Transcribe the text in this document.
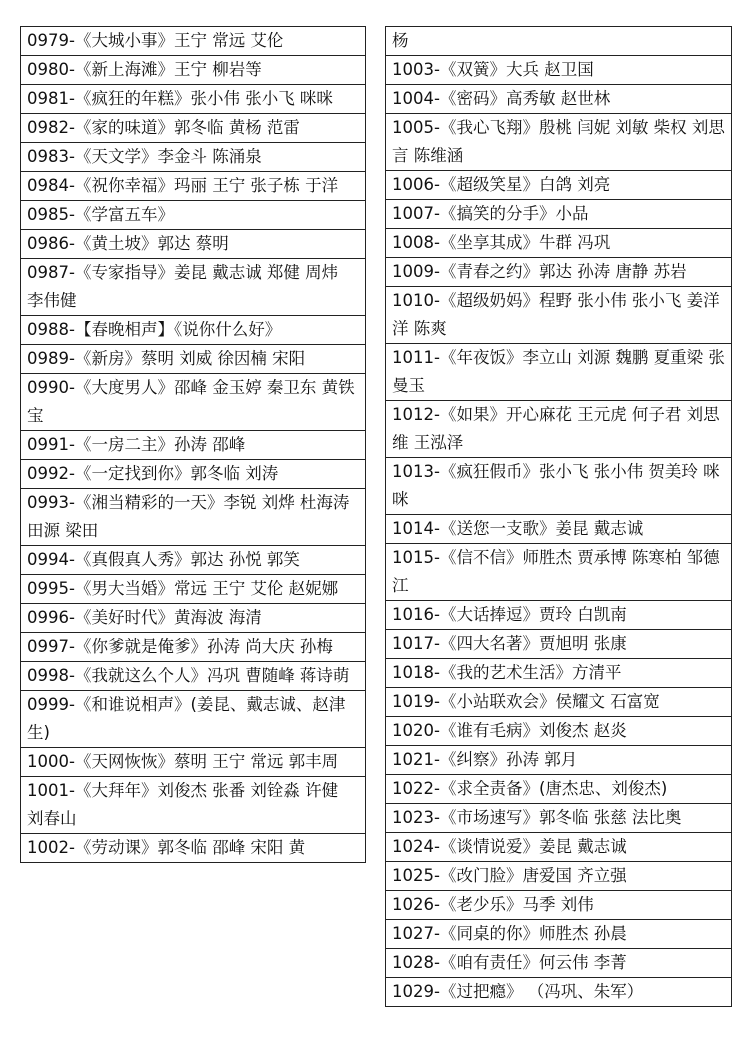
0979-《大城小事》王宁 常远 艾伦
0980-《新上海滩》王宁 柳岩等
0981-《疯狂的年糕》张小伟 张小飞 咪咪
0982-《家的味道》郭冬临 黄杨 范雷
0983-《天文学》李金斗 陈涌泉
0984-《祝你幸福》玛丽 王宁 张子栋 于洋
0985-《学富五车》
0986-《黄土坡》郭达 蔡明
0987-《专家指导》姜昆 戴志诚 郑健 周炜 李伟健
0988-【春晚相声】《说你什么好》
0989-《新房》蔡明 刘威 徐因楠 宋阳
0990-《大度男人》邵峰 金玉婷 秦卫东 黄铁宝
0991-《一房二主》孙涛 邵峰
0992-《一定找到你》郭冬临 刘涛
0993-《湘当精彩的一天》李锐 刘烨 杜海涛 田源 梁田
0994-《真假真人秀》郭达 孙悦 郭笑
0995-《男大当婚》常远 王宁 艾伦 赵妮娜
0996-《美好时代》黄海波 海清
0997-《你爹就是俺爹》孙涛 尚大庆 孙梅
0998-《我就这么个人》冯巩 曹随峰 蒋诗萌
0999-《和谁说相声》(姜昆、戴志诚、赵津生)
1000-《天网恢恢》蔡明 王宁 常远 郭丰周
1001-《大拜年》刘俊杰 张番 刘铨淼 许健 刘春山
1002-《劳动课》郭冬临 邵峰 宋阳 黄
杨
1003-《双簧》大兵 赵卫国
1004-《密码》高秀敏 赵世林
1005-《我心飞翔》殷桃 闫妮 刘敏 柴权 刘思言 陈维涵
1006-《超级笑星》白鸽 刘亮
1007-《搞笑的分手》小品
1008-《坐享其成》牛群 冯巩
1009-《青春之约》郭达 孙涛 唐静 苏岩
1010-《超级奶妈》程野 张小伟 张小飞 姜洋洋 陈爽
1011-《年夜饭》李立山 刘源 魏鹏 夏重梁 张曼玉
1012-《如果》开心麻花 王元虎 何子君 刘思维 王泓泽
1013-《疯狂假币》张小飞 张小伟 贺美玲 咪咪
1014-《送您一支歌》姜昆 戴志诚
1015-《信不信》师胜杰 贾承博 陈寒柏 邹德江
1016-《大话捧逗》贾玲 白凯南
1017-《四大名著》贾旭明 张康
1018-《我的艺术生活》方清平
1019-《小站联欢会》侯耀文 石富宽
1020-《谁有毛病》刘俊杰 赵炎
1021-《纠察》孙涛 郭月
1022-《求全责备》(唐杰忠、刘俊杰)
1023-《市场速写》郭冬临 张慈 法比奥
1024-《谈情说爱》姜昆 戴志诚
1025-《改门脸》唐爱国 齐立强
1026-《老少乐》马季 刘伟
1027-《同桌的你》师胜杰 孙晨
1028-《咱有责任》何云伟 李菁
1029-《过把瘾》 （冯巩、朱军）
